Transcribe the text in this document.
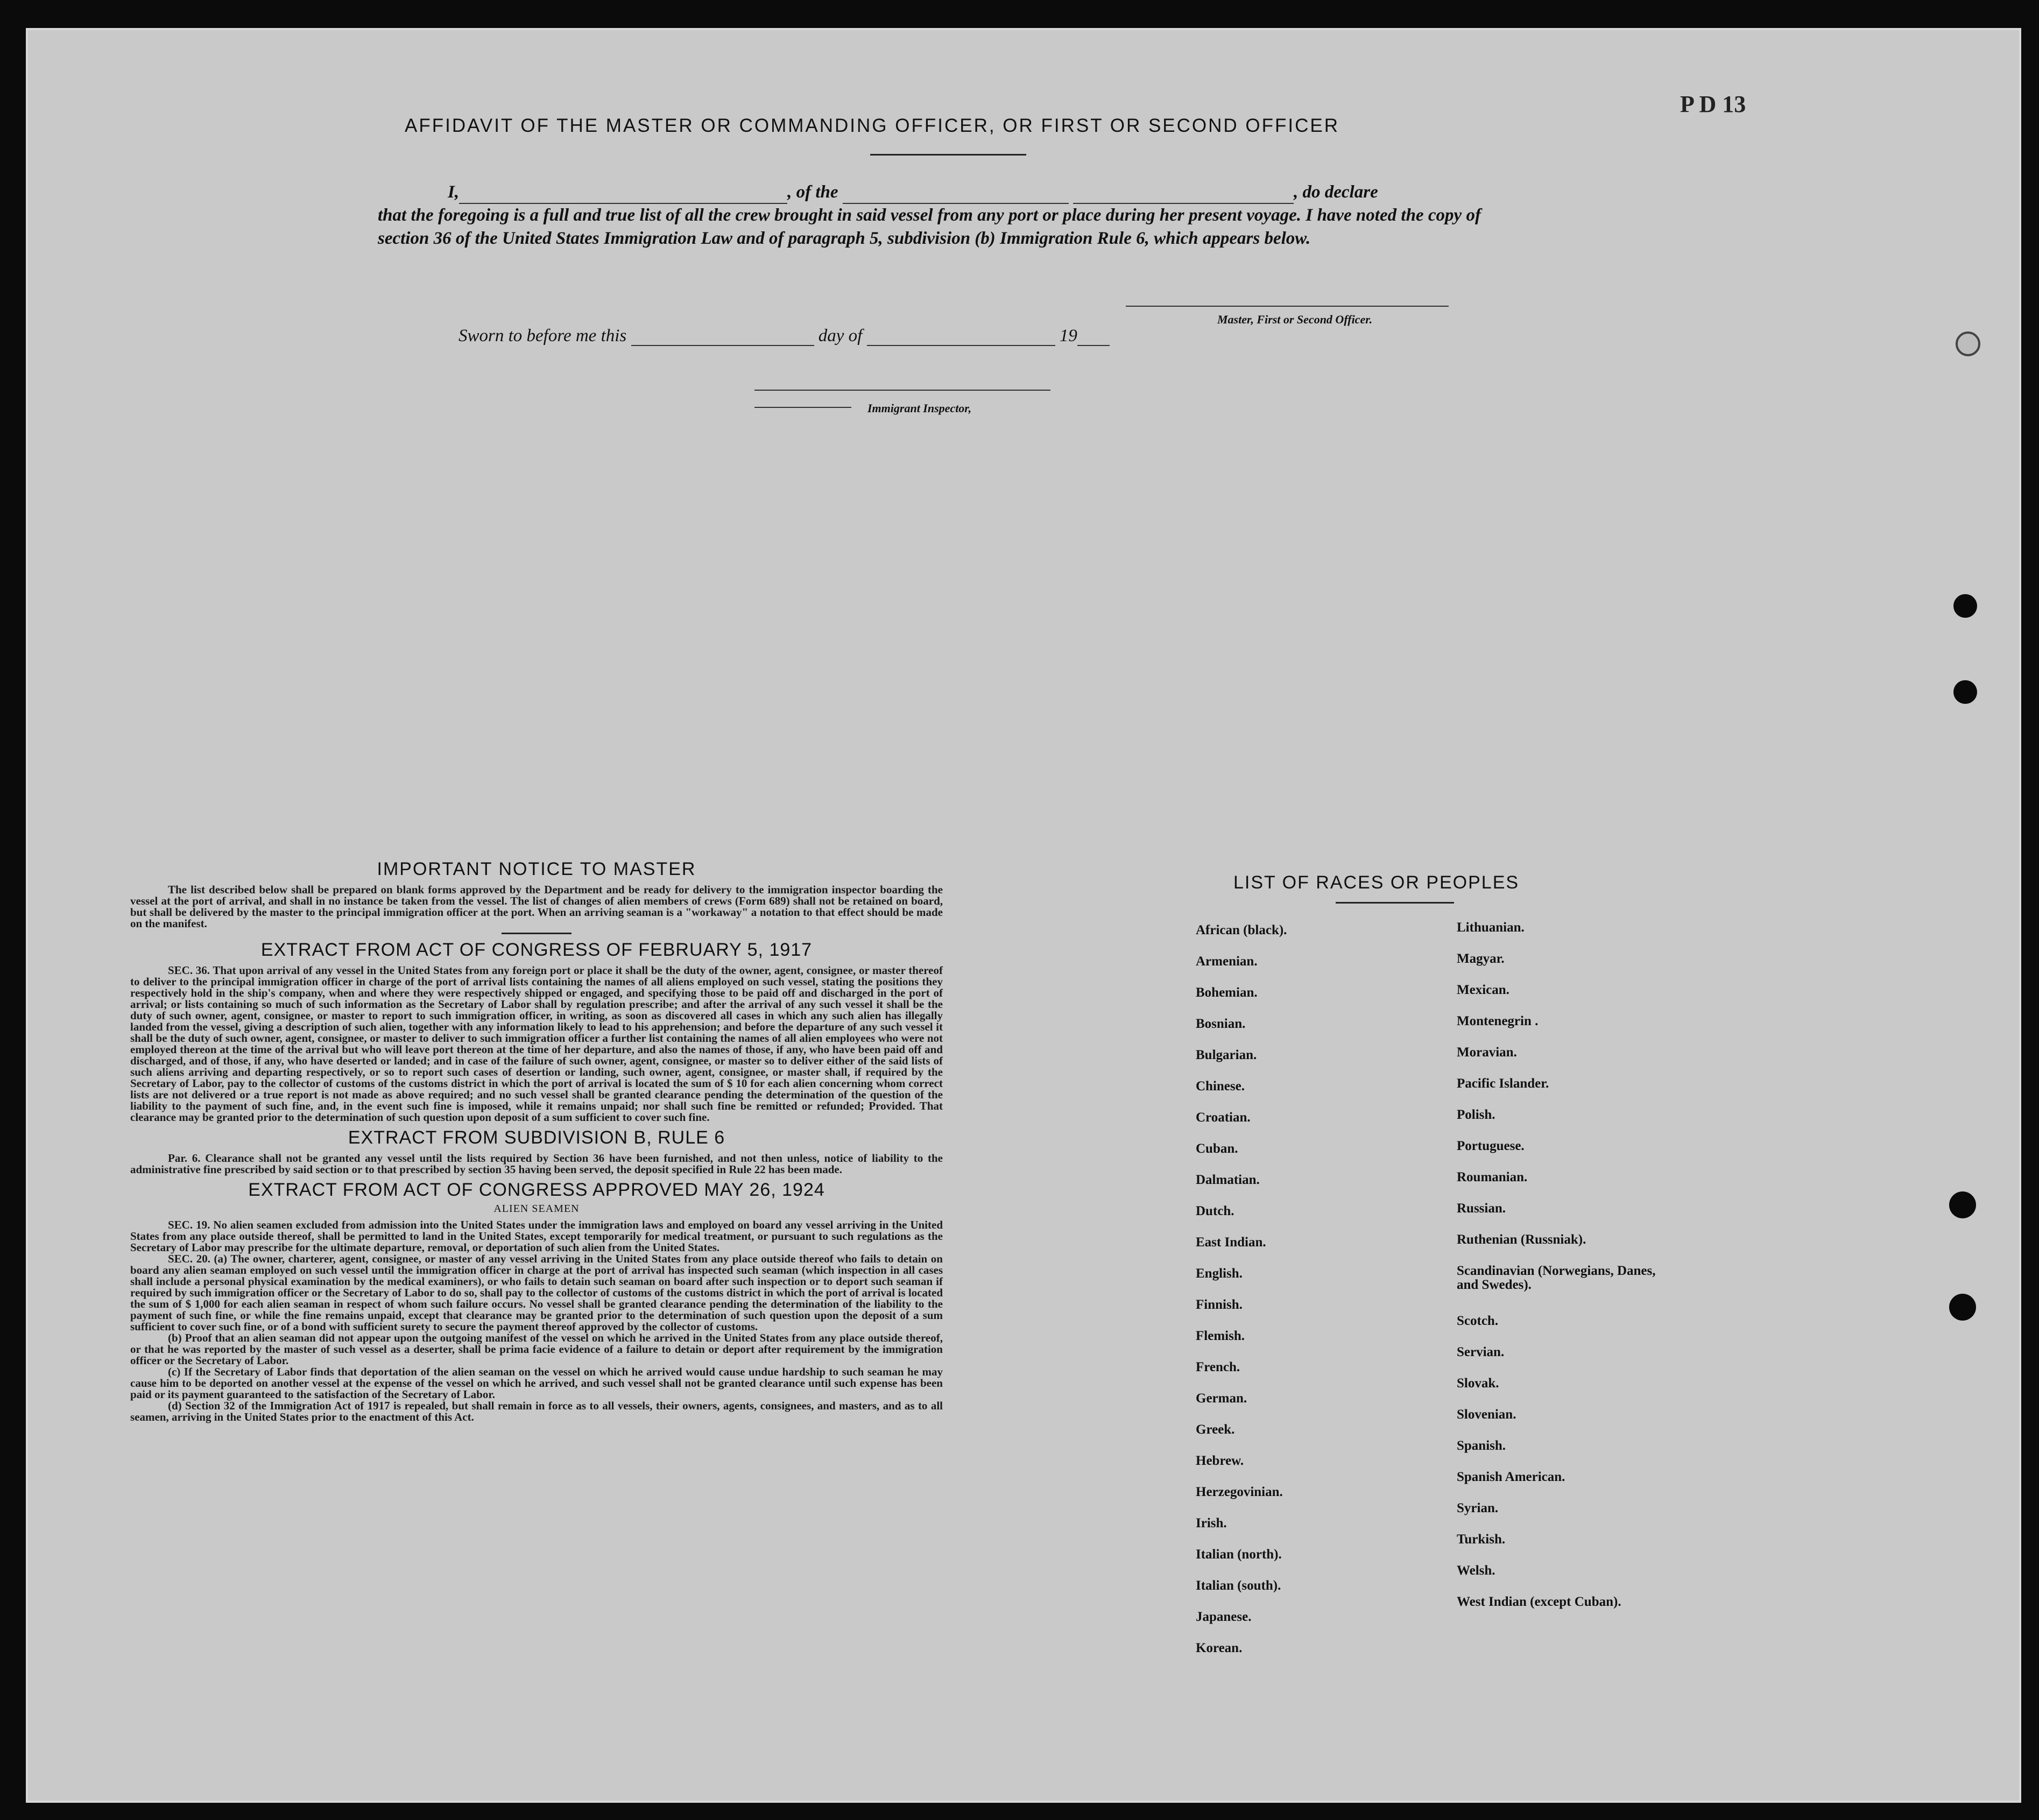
P D 13
AFFIDAVIT OF THE MASTER OR COMMANDING OFFICER, OR FIRST OR SECOND OFFICER
I,	, of the	, do declare
that the foregoing is a full and true list of all the crew brought in said vessel from any port or place during her present voyage. I have noted the copy of section 36 of the United States Immigration Law and of paragraph 5, subdivision (b) Immigration Rule 6, which appears below.
Master, First or Second Officer.
Sworn to before me this	day of	19
Immigrant Inspector,
IMPORTANT NOTICE TO MASTER

The list described below shall be prepared on blank forms approved by the Department and be ready for delivery to the immigration inspector boarding the vessel at the port of arrival, and shall in no instance be taken from the vessel. The list of changes of alien members of crews (Form 689) shall not be retained on board, but shall be delivered by the master to the principal immigration officer at the port. When an arriving seaman is a "workaway" a notation to that effect should be made on the manifest.

EXTRACT FROM ACT OF CONGRESS OF FEBRUARY 5, 1917

SEC. 36. That upon arrival of any vessel in the United States from any foreign port or place it shall be the duty of the owner, agent, consignee, or master thereof to deliver to the principal immigration officer in charge of the port of arrival lists containing the names of all aliens employed on such vessel, stating the positions they respectively hold in the ship's company, when and where they were respectively shipped or engaged, and specifying those to be paid off and discharged in the port of arrival; or lists containing so much of such information as the Secretary of Labor shall by regulation prescribe; and after the arrival of any such vessel it shall be the duty of such owner, agent, consignee, or master to report to such immigration officer, in writing, as soon as discovered all cases in which any such alien has illegally landed from the vessel, giving a description of such alien, together with any information likely to lead to his apprehension; and before the departure of any such vessel it shall be the duty of such owner, agent, consignee, or master to deliver to such immigration officer a further list containing the names of all alien employees who were not employed thereon at the time of the arrival but who will leave port thereon at the time of her departure, and also the names of those, if any, who have been paid off and discharged, and of those, if any, who have deserted or landed; and in case of the failure of such owner, agent, consignee, or master so to deliver either of the said lists of such aliens arriving and departing respectively, or so to report such cases of desertion or landing, such owner, agent, consignee, or master shall, if required by the Secretary of Labor, pay to the collector of customs of the customs district in which the port of arrival is located the sum of $ 10 for each alien concerning whom correct lists are not delivered or a true report is not made as above required; and no such vessel shall be granted clearance pending the determination of the question of the liability to the payment of such fine, and, in the event such fine is imposed, while it remains unpaid; nor shall such fine be remitted or refunded; Provided. That clearance may be granted prior to the determination of such question upon deposit of a sum sufficient to cover such fine.

EXTRACT FROM SUBDIVISION B, RULE 6

Par. 6. Clearance shall not be granted any vessel until the lists required by Section 36 have been furnished, and not then unless, notice of liability to the administrative fine prescribed by said section or to that prescribed by section 35 having been served, the deposit specified in Rule 22 has been made.

EXTRACT FROM ACT OF CONGRESS APPROVED MAY 26, 1924
ALIEN SEAMEN

SEC. 19. No alien seamen excluded from admission into the United States under the immigration laws and employed on board any vessel arriving in the United States from any place outside thereof, shall be permitted to land in the United States, except temporarily for medical treatment, or pursuant to such regulations as the Secretary of Labor may prescribe for the ultimate departure, removal, or deportation of such alien from the United States.

SEC. 20. (a) The owner, charterer, agent, consignee, or master of any vessel arriving in the United States from any place outside thereof who fails to detain on board any alien seaman employed on such vessel until the immigration officer in charge at the port of arrival has inspected such seaman (which inspection in all cases shall include a personal physical examination by the medical examiners), or who fails to detain such seaman on board after such inspection or to deport such seaman if required by such immigration officer or the Secretary of Labor to do so, shall pay to the collector of customs of the customs district in which the port of arrival is located the sum of $ 1,000 for each alien seaman in respect of whom such failure occurs. No vessel shall be granted clearance pending the determination of the liability to the payment of such fine, or while the fine remains unpaid, except that clearance may be granted prior to the determination of such question upon the deposit of a sum sufficient to cover such fine, or of a bond with sufficient surety to secure the payment thereof approved by the collector of customs.

(b) Proof that an alien seaman did not appear upon the outgoing manifest of the vessel on which he arrived in the United States from any place outside thereof, or that he was reported by the master of such vessel as a deserter, shall be prima facie evidence of a failure to detain or deport after requirement by the immigration officer or the Secretary of Labor.

(c) If the Secretary of Labor finds that deportation of the alien seaman on the vessel on which he arrived would cause undue hardship to such seaman he may cause him to be deported on another vessel at the expense of the vessel on which he arrived, and such vessel shall not be granted clearance until such expense has been paid or its payment guaranteed to the satisfaction of the Secretary of Labor.

(d) Section 32 of the Immigration Act of 1917 is repealed, but shall remain in force as to all vessels, their owners, agents, consignees, and masters, and as to all seamen, arriving in the United States prior to the enactment of this Act.

LIST OF RACES OR PEOPLES
African (black).
Armenian.
Bohemian.
Bosnian.
Bulgarian.
Chinese.
Croatian.
Cuban.
Dalmatian.
Dutch.
East Indian.
English.
Finnish.
Flemish.
French.
German.
Greek.
Hebrew.
Herzegovinian.
Irish.
Italian (north).
Italian (south).
Japanese.
Korean.
Lithuanian.
Magyar.
Mexican.
Montenegrin .
Moravian.
Pacific Islander.
Polish.
Portuguese.
Roumanian.
Russian.
Ruthenian (Russniak).
Scandinavian (Norwegians, Danes, and Swedes).
Scotch.
Servian.
Slovak.
Slovenian.
Spanish.
Spanish American.
Syrian.
Turkish.
Welsh.
West Indian (except Cuban).
